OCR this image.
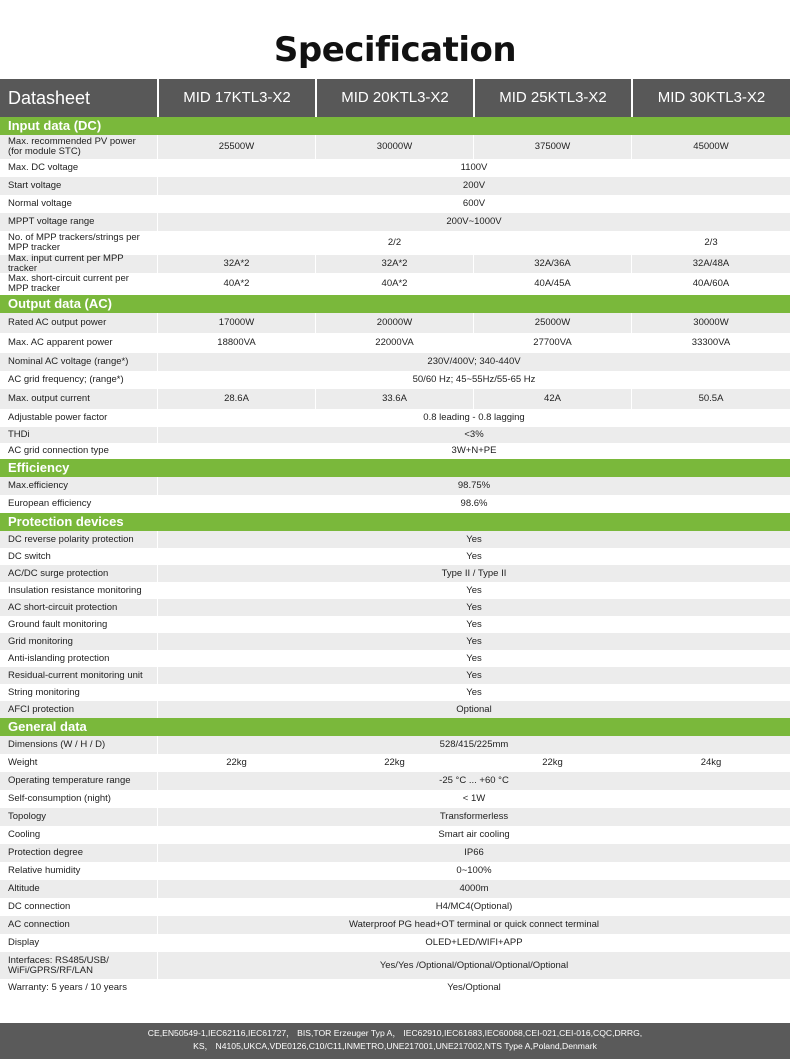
Specification
Datasheet	MID 17KTL3-X2	MID 20KTL3-X2	MID 25KTL3-X2	MID 30KTL3-X2
Input data (DC)
Max. recommended PV power (for module STC)	25500W	30000W	37500W	45000W
Max. DC voltage	1100V
Start voltage	200V
Normal voltage	600V
MPPT voltage range	200V~1000V
No. of MPP trackers/strings per MPP tracker	2/2	2/3
Max. input current per MPP tracker	32A*2	32A*2	32A/36A	32A/48A
Max. short-circuit current per MPP tracker	40A*2	40A*2	40A/45A	40A/60A
Output data (AC)
Rated AC output power	17000W	20000W	25000W	30000W
Max. AC apparent power	18800VA	22000VA	27700VA	33300VA
Nominal AC voltage (range*)	230V/400V; 340-440V
AC grid frequency; (range*)	50/60 Hz; 45~55Hz/55-65 Hz
Max. output current	28.6A	33.6A	42A	50.5A
Adjustable power factor	0.8 leading - 0.8 lagging
THDi	<3%
AC grid connection type	3W+N+PE
Efficiency
Max.efficiency	98.75%
European efficiency	98.6%
Protection devices
DC reverse polarity protection	Yes
DC switch	Yes
AC/DC surge protection	Type II / Type II
Insulation resistance monitoring	Yes
AC short-circuit protection	Yes
Ground fault monitoring	Yes
Grid monitoring	Yes
Anti-islanding protection	Yes
Residual-current monitoring unit	Yes
String monitoring	Yes
AFCI protection	Optional
General data
Dimensions (W / H / D)	528/415/225mm
Weight	22kg	22kg	22kg	24kg
Operating temperature range	-25 °C ... +60 °C
Self-consumption (night)	< 1W
Topology	Transformerless
Cooling	Smart air cooling
Protection degree	IP66
Relative humidity	0~100%
Altitude	4000m
DC connection	H4/MC4(Optional)
AC connection	Waterproof PG head+OT terminal or quick connect terminal
Display	OLED+LED/WIFI+APP
Interfaces: RS485/USB/ WiFi/GPRS/RF/LAN	Yes/Yes /Optional/Optional/Optional/Optional
Warranty: 5 years / 10 years	Yes/Optional
CE,EN50549-1,IEC62116,IEC61727， BIS,TOR Erzeuger Typ A， IEC62910,IEC61683,IEC60068,CEI-021,CEI-016,CQC,DRRG,
KS， N4105,UKCA,VDE0126,C10/C11,INMETRO,UNE217001,UNE217002,NTS Type A,Poland,Denmark
